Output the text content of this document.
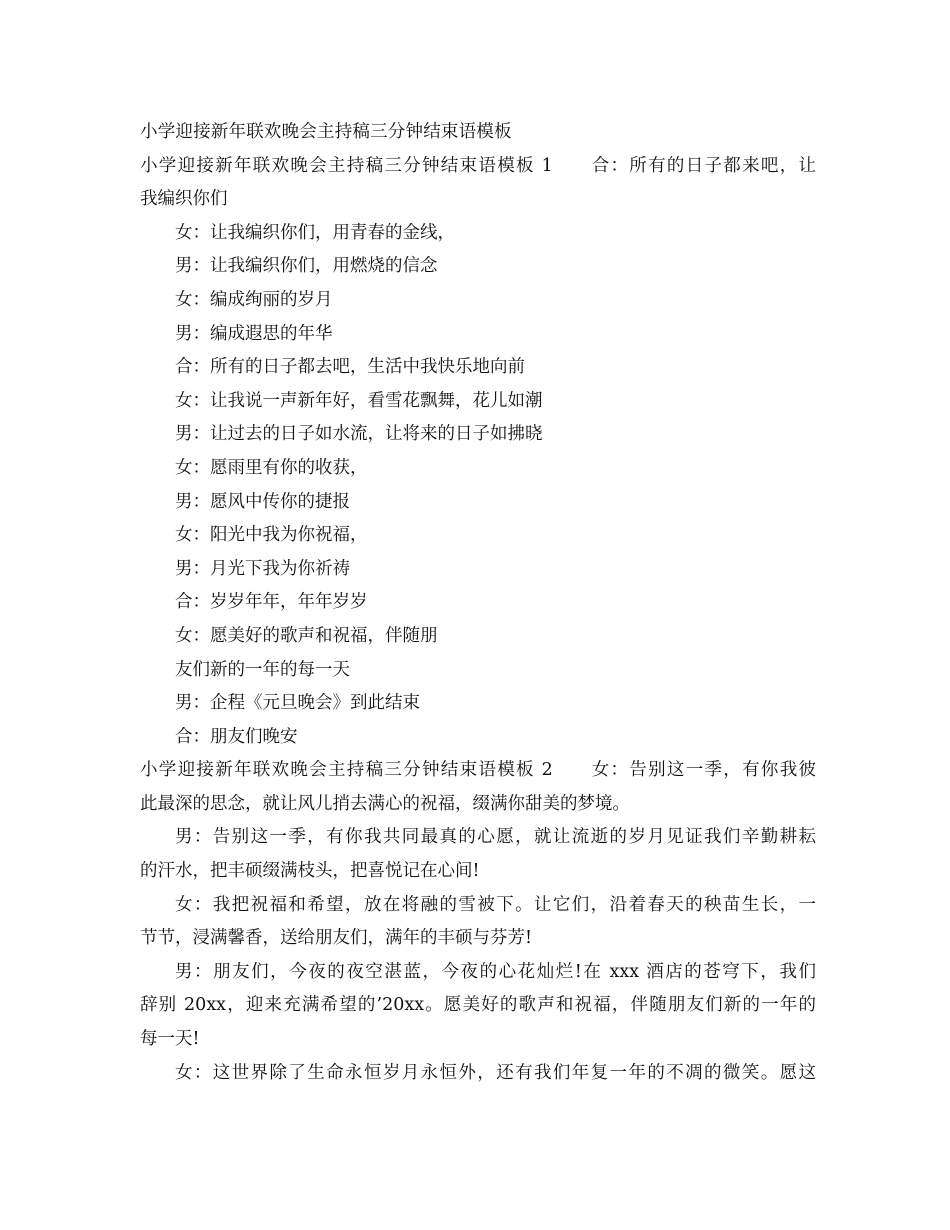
小学迎接新年联欢晚会主持稿三分钟结束语模板
小学迎接新年联欢晚会主持稿三分钟结束语模板 1　　合：所有的日子都来吧，让
我编织你们
女：让我编织你们，用青春的金线，
男：让我编织你们，用燃烧的信念
女：编成绚丽的岁月
男：编成遐思的年华
合：所有的日子都去吧，生活中我快乐地向前
女：让我说一声新年好，看雪花飘舞，花儿如潮
男：让过去的日子如水流，让将来的日子如拂晓
女：愿雨里有你的收获，
男：愿风中传你的捷报
女：阳光中我为你祝福，
男：月光下我为你祈祷
合：岁岁年年，年年岁岁
女：愿美好的歌声和祝福，伴随朋
友们新的一年的每一天
男：企程《元旦晚会》到此结束
合：朋友们晚安
小学迎接新年联欢晚会主持稿三分钟结束语模板 2　　女：告别这一季，有你我彼
此最深的思念，就让风儿捎去满心的祝福，缀满你甜美的梦境。
男：告别这一季，有你我共同最真的心愿，就让流逝的岁月见证我们辛勤耕耘
的汗水，把丰硕缀满枝头，把喜悦记在心间!
女：我把祝福和希望，放在将融的雪被下。让它们，沿着春天的秧苗生长，一
节节，浸满馨香，送给朋友们，满年的丰硕与芬芳!
男：朋友们，今夜的夜空湛蓝，今夜的心花灿烂!在 xxx 酒店的苍穹下，我们
辞别 20xx，迎来充满希望的’20xx。愿美好的歌声和祝福，伴随朋友们新的一年的
每一天!
女：这世界除了生命永恒岁月永恒外，还有我们年复一年的不凋的微笑。愿这
